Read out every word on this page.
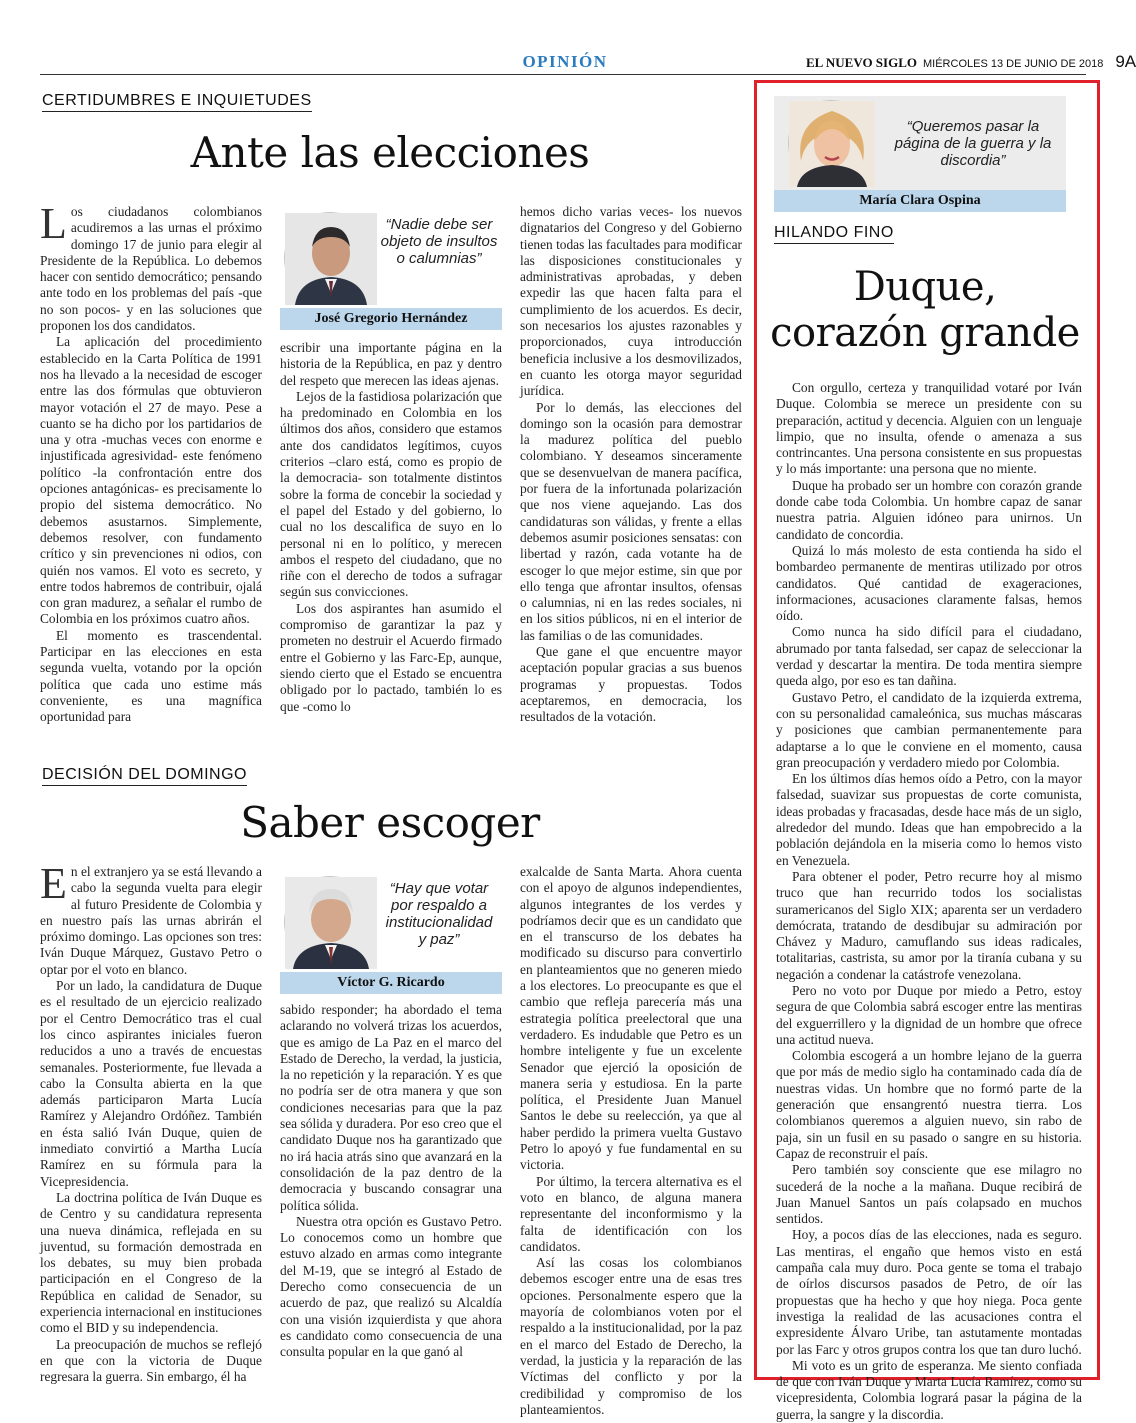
OPINIÓN	EL NUEVO SIGLO MIÉRCOLES 13 DE JUNIO DE 2018 9A
CERTIDUMBRES E INQUIETUDES
Ante las elecciones

Los ciudadanos colombianos acudiremos a las urnas el próximo domingo 17 de junio para elegir al Presidente de la República. Lo debemos hacer con sentido democrático; pensando ante todo en los problemas del país -que no son pocos- y en las soluciones que proponen los dos candidatos.

La aplicación del procedimiento establecido en la Carta Política de 1991 nos ha llevado a la necesidad de escoger entre las dos fórmulas que obtuvieron mayor votación el 27 de mayo. Pese a cuanto se ha dicho por los partidarios de una y otra -muchas veces con enorme e injustificada agresividad- este fenómeno político -la confrontación entre dos opciones antagónicas- es precisamente lo propio del sistema democrático. No debemos asustarnos. Simplemente, debemos resolver, con fundamento crítico y sin prevenciones ni odios, con quién nos vamos. El voto es secreto, y entre todos habremos de contribuir, ojalá con gran madurez, a señalar el rumbo de Colombia en los próximos cuatro años.

El momento es trascendental. Participar en las elecciones en esta segunda vuelta, votando por la opción política que cada uno estime más conveniente, es una magnífica oportunidad para

“Nadie debe ser objeto de insultos o calumnias”
José Gregorio Hernández

escribir una importante página en la historia de la República, en paz y dentro del respeto que merecen las ideas ajenas.

Lejos de la fastidiosa polarización que ha predominado en Colombia en los últimos dos años, considero que estamos ante dos candidatos legítimos, cuyos criterios –claro está, como es propio de la democracia- son totalmente distintos sobre la forma de concebir la sociedad y el papel del Estado y del gobierno, lo cual no los descalifica de suyo en lo personal ni en lo político, y merecen ambos el respeto del ciudadano, que no riñe con el derecho de todos a sufragar según sus convicciones.

Los dos aspirantes han asumido el compromiso de garantizar la paz y prometen no destruir el Acuerdo firmado entre el Gobierno y las Farc-Ep, aunque, siendo cierto que el Estado se encuentra obligado por lo pactado, también lo es que -como lo

hemos dicho varias veces- los nuevos dignatarios del Congreso y del Gobierno tienen todas las facultades para modificar las disposiciones constitucionales y administrativas aprobadas, y deben expedir las que hacen falta para el cumplimiento de los acuerdos. Es decir, son necesarios los ajustes razonables y proporcionados, cuya introducción beneficia inclusive a los desmovilizados, en cuanto les otorga mayor seguridad jurídica.

Por lo demás, las elecciones del domingo son la ocasión para demostrar la madurez política del pueblo colombiano. Y deseamos sinceramente que se desenvuelvan de manera pacífica, por fuera de la infortunada polarización que nos viene aquejando. Las dos candidaturas son válidas, y frente a ellas debemos asumir posiciones sensatas: con libertad y razón, cada votante ha de escoger lo que mejor estime, sin que por ello tenga que afrontar insultos, ofensas o calumnias, ni en las redes sociales, ni en los sitios públicos, ni en el interior de las familias o de las comunidades.

Que gane el que encuentre mayor aceptación popular gracias a sus buenos programas y propuestas. Todos aceptaremos, en democracia, los resultados de la votación.

DECISIÓN DEL DOMINGO
Saber escoger

En el extranjero ya se está llevando a cabo la segunda vuelta para elegir al futuro Presidente de Colombia y en nuestro país las urnas abrirán el próximo domingo. Las opciones son tres: Iván Duque Márquez, Gustavo Petro o optar por el voto en blanco.

Por un lado, la candidatura de Duque es el resultado de un ejercicio realizado por el Centro Democrático tras el cual los cinco aspirantes iniciales fueron reducidos a uno a través de encuestas semanales. Posteriormente, fue llevada a cabo la Consulta abierta en la que además participaron Marta Lucía Ramírez y Alejandro Ordóñez. También en ésta salió Iván Duque, quien de inmediato convirtió a Martha Lucía Ramírez en su fórmula para la Vicepresidencia.

La doctrina política de Iván Duque es de Centro y su candidatura representa una nueva dinámica, reflejada en su juventud, su formación demostrada en los debates, su muy bien probada participación en el Congreso de la República en calidad de Senador, su experiencia internacional en instituciones como el BID y su independencia.

La preocupación de muchos se reflejó en que con la victoria de Duque regresara la guerra. Sin embargo, él ha

“Hay que votar por respaldo a institucionalidad y paz”
Víctor G. Ricardo

sabido responder; ha abordado el tema aclarando no volverá trizas los acuerdos, que es amigo de La Paz en el marco del Estado de Derecho, la verdad, la justicia, la no repetición y la reparación. Y es que no podría ser de otra manera y que son condiciones necesarias para que la paz sea sólida y duradera. Por eso creo que el candidato Duque nos ha garantizado que no irá hacia atrás sino que avanzará en la consolidación de la paz dentro de la democracia y buscando consagrar una política sólida.

Nuestra otra opción es Gustavo Petro. Lo conocemos como un hombre que estuvo alzado en armas como integrante del M-19, que se integró al Estado de Derecho como consecuencia de un acuerdo de paz, que realizó su Alcaldía con una visión izquierdista y que ahora es candidato como consecuencia de una consulta popular en la que ganó al

exalcalde de Santa Marta. Ahora cuenta con el apoyo de algunos independientes, algunos integrantes de los verdes y podríamos decir que es un candidato que en el transcurso de los debates ha modificado su discurso para convertirlo en planteamientos que no generen miedo a los electores. Lo preocupante es que el cambio que refleja parecería más una estrategia política preelectoral que una verdadero. Es indudable que Petro es un hombre inteligente y fue un excelente Senador que ejerció la oposición de manera seria y estudiosa. En la parte política, el Presidente Juan Manuel Santos le debe su reelección, ya que al haber perdido la primera vuelta Gustavo Petro lo apoyó y fue fundamental en su victoria.

Por último, la tercera alternativa es el voto en blanco, de alguna manera representante del inconformismo y la falta de identificación con los candidatos.

Así las cosas los colombianos debemos escoger entre una de esas tres opciones. Personalmente espero que la mayoría de colombianos voten por el respaldo a la institucionalidad, por la paz en el marco del Estado de Derecho, la verdad, la justicia y la reparación de las Víctimas del conflicto y por la credibilidad y compromiso de los planteamientos.

“Queremos pasar la página de la guerra y la discordia”
María Clara Ospina
HILANDO FINO
Duque,
corazón grande

Con orgullo, certeza y tranquilidad votaré por Iván Duque. Colombia se merece un presidente con su preparación, actitud y decencia. Alguien con un lenguaje limpio, que no insulta, ofende o amenaza a sus contrincantes. Una persona consistente en sus propuestas y lo más importante: una persona que no miente.

Duque ha probado ser un hombre con corazón grande donde cabe toda Colombia. Un hombre capaz de sanar nuestra patria. Alguien idóneo para unirnos. Un candidato de concordia.

Quizá lo más molesto de esta contienda ha sido el bombardeo permanente de mentiras utilizado por otros candidatos. Qué cantidad de exageraciones, informaciones, acusaciones claramente falsas, hemos oído.

Como nunca ha sido difícil para el ciudadano, abrumado por tanta falsedad, ser capaz de seleccionar la verdad y descartar la mentira. De toda mentira siempre queda algo, por eso es tan dañina.

Gustavo Petro, el candidato de la izquierda extrema, con su personalidad camaleónica, sus muchas máscaras y posiciones que cambian permanentemente para adaptarse a lo que le conviene en el momento, causa gran preocupación y verdadero miedo por Colombia.

En los últimos días hemos oído a Petro, con la mayor falsedad, suavizar sus propuestas de corte comunista, ideas probadas y fracasadas, desde hace más de un siglo, alrededor del mundo. Ideas que han empobrecido a la población dejándola en la miseria como lo hemos visto en Venezuela.

Para obtener el poder, Petro recurre hoy al mismo truco que han recurrido todos los socialistas suramericanos del Siglo XIX; aparenta ser un verdadero demócrata, tratando de desdibujar su admiración por Chávez y Maduro, camuflando sus ideas radicales, totalitarias, castrista, su amor por la tiranía cubana y su negación a condenar la catástrofe venezolana.

Pero no voto por Duque por miedo a Petro, estoy segura de que Colombia sabrá escoger entre las mentiras del exguerrillero y la dignidad de un hombre que ofrece una actitud nueva.

Colombia escogerá a un hombre lejano de la guerra que por más de medio siglo ha contaminado cada día de nuestras vidas. Un hombre que no formó parte de la generación que ensangrentó nuestra tierra. Los colombianos queremos a alguien nuevo, sin rabo de paja, sin un fusil en su pasado o sangre en su historia. Capaz de reconstruir el país.

Pero también soy consciente que ese milagro no sucederá de la noche a la mañana. Duque recibirá de Juan Manuel Santos un país colapsado en muchos sentidos.

Hoy, a pocos días de las elecciones, nada es seguro. Las mentiras, el engaño que hemos visto en está campaña cala muy duro. Poca gente se toma el trabajo de oírlos discursos pasados de Petro, de oír las propuestas que ha hecho y que hoy niega. Poca gente investiga la realidad de las acusaciones contra el expresidente Álvaro Uribe, tan astutamente montadas por las Farc y otros grupos contra los que tan duro luchó.

Mi voto es un grito de esperanza. Me siento confiada de que con Iván Duque y Marta Lucía Ramírez, como su vicepresidenta, Colombia logrará pasar la página de la guerra, la sangre y la discordia.
